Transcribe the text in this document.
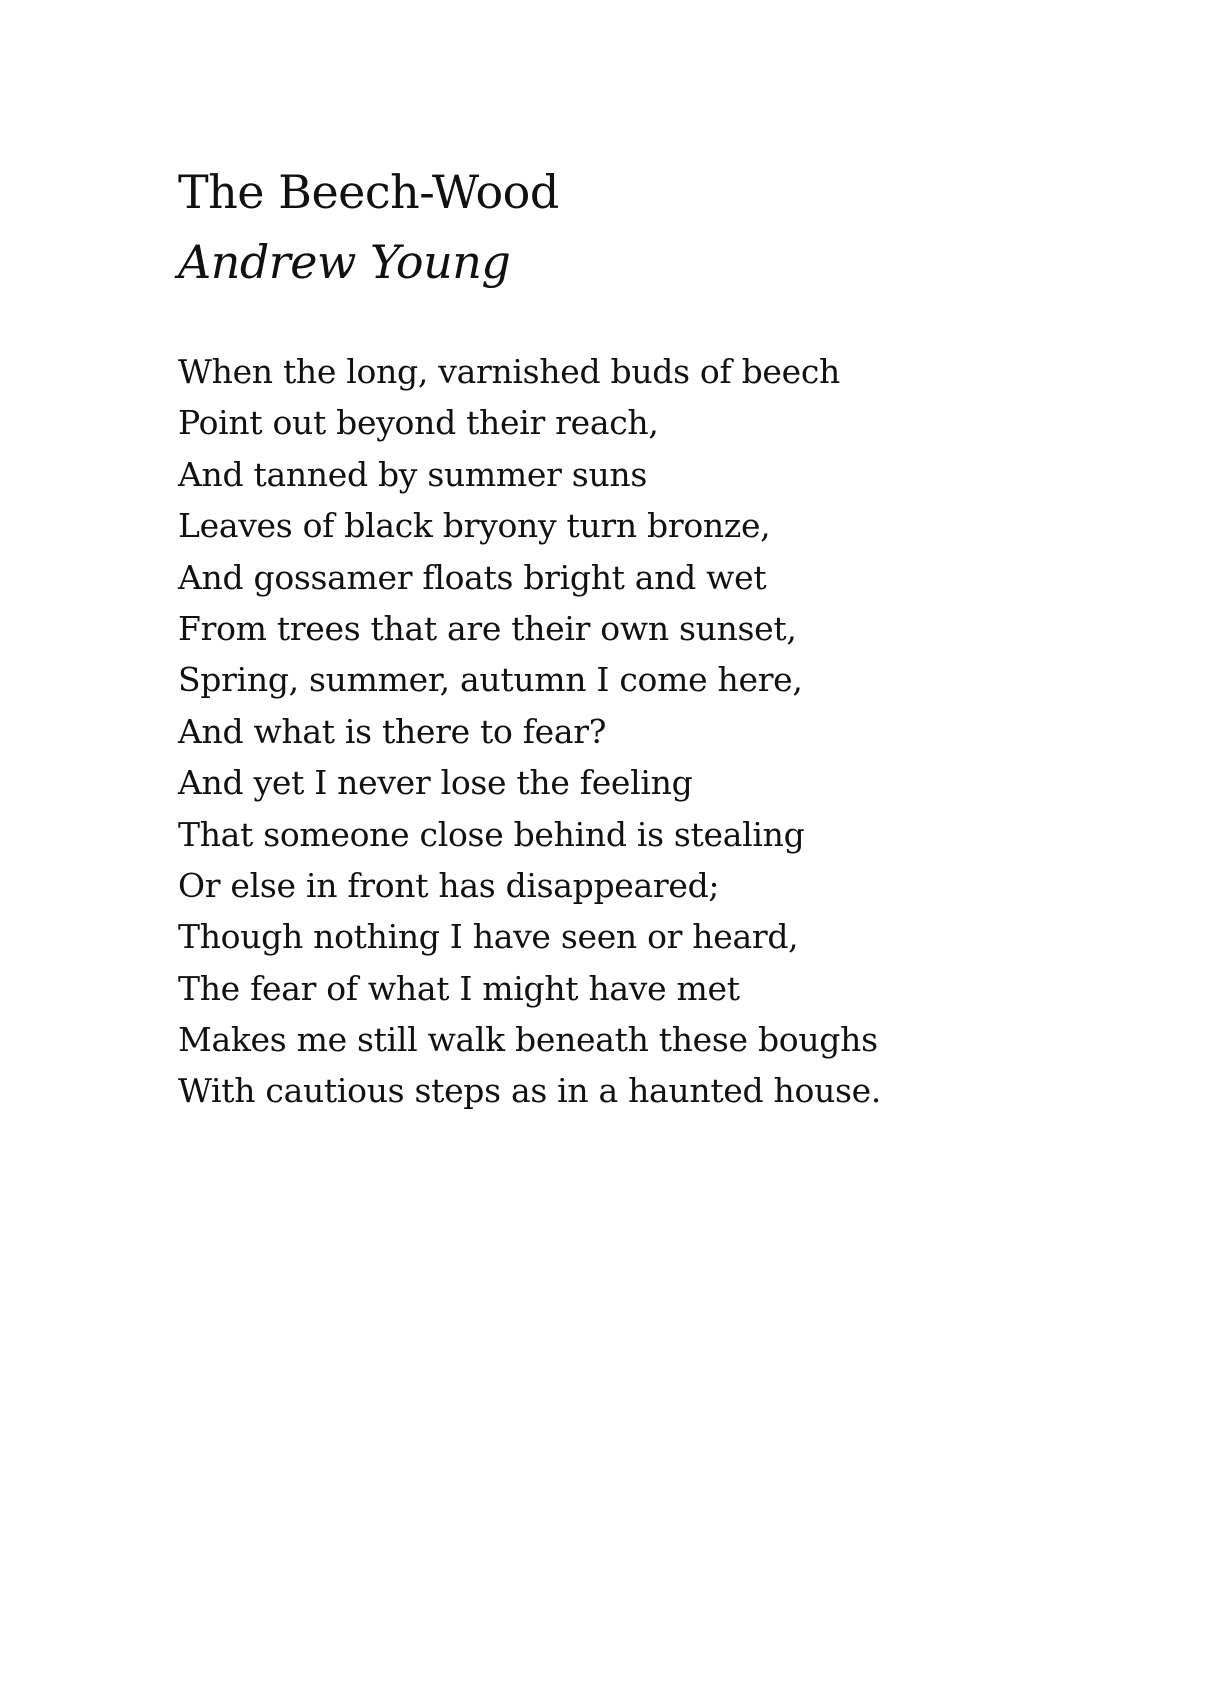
The Beech-Wood
Andrew Young
When the long, varnished buds of beech
Point out beyond their reach,
And tanned by summer suns
Leaves of black bryony turn bronze,
And gossamer floats bright and wet
From trees that are their own sunset,
Spring, summer, autumn I come here,
And what is there to fear?
And yet I never lose the feeling
That someone close behind is stealing
Or else in front has disappeared;
Though nothing I have seen or heard,
The fear of what I might have met
Makes me still walk beneath these boughs
With cautious steps as in a haunted house.
